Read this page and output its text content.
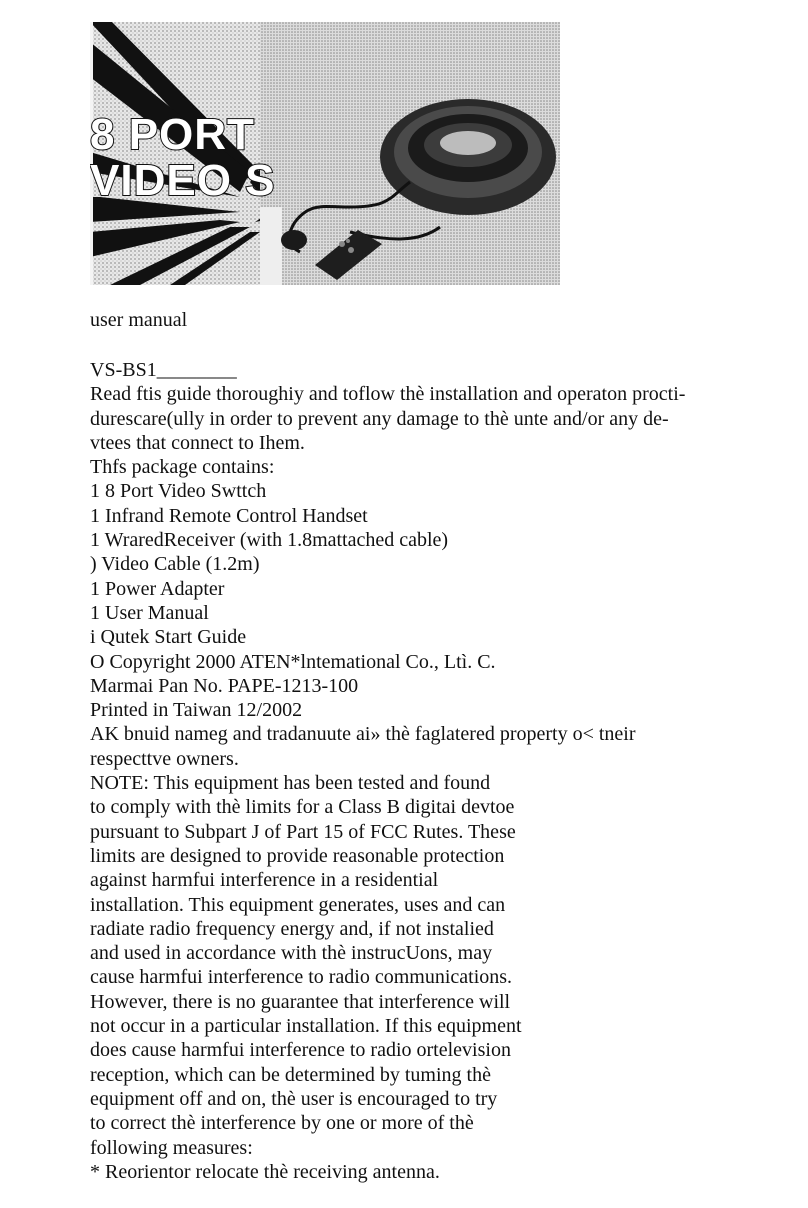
8 PORT
VIDEO S
user manual
VS-BS1________
Read ftis guide thoroughiy and toflow thè installation and operaton procti-
durescare(ully in order to prevent any damage to thè unte and/or any de-
vtees that connect to Ihem.
Thfs package contains:
1 8 Port Video Swttch
1 Infrand Remote Control Handset
1 WraredReceiver (with 1.8mattached cable)
) Video Cable (1.2m)
1 Power Adapter
1 User Manual
i Qutek Start Guide
O Copyright 2000 ATEN*lntemational Co., Ltì. C.
Marmai Pan No. PAPE-1213-100
Printed in Taiwan 12/2002
AK bnuid nameg and tradanuute ai» thè faglatered property o< tneir
respecttve owners.
NOTE: This equipment has been tested and found
to comply with thè limits for a Class B digitai devtoe
pursuant to Subpart J of Part 15 of FCC Rutes. These
limits are designed to provide reasonable protection
against harmfui interference in a residential
installation. This equipment generates, uses and can
radiate radio frequency energy and, if not instalied
and used in accordance with thè instrucUons, may
cause harmfui interference to radio communications.
However, there is no guarantee that interference will
not occur in a particular installation. If this equipment
does cause harmfui interference to radio ortelevision
reception, which can be determined by tuming thè
equipment off and on, thè user is encouraged to try
to correct thè interference by one or more of thè
following measures:
* Reorientor relocate thè receiving antenna.
